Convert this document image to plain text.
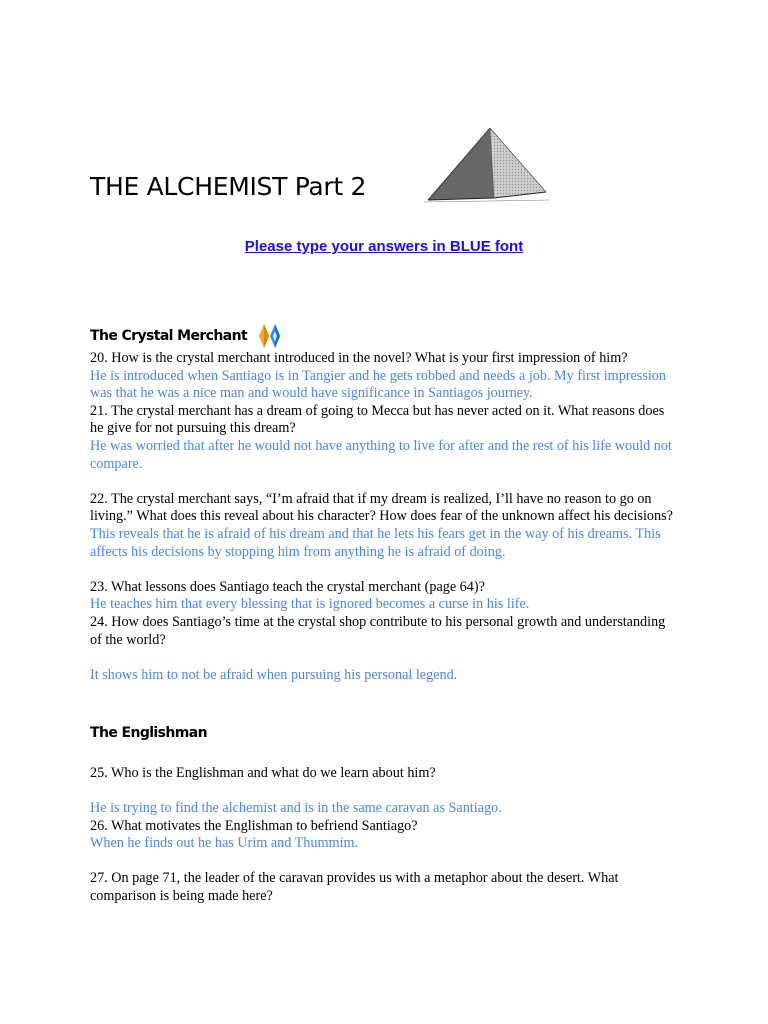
THE ALCHEMIST Part 2
Please type your answers in BLUE font
The Crystal Merchant

20. How is the crystal merchant introduced in the novel? What is your first impression of him?

He is introduced when Santiago is in Tangier and he gets robbed and needs a job. My first impression was that he was a nice man and would have significance in Santiagos journey.

21. The crystal merchant has a dream of going to Mecca but has never acted on it. What reasons does he give for not pursuing this dream?

He was worried that after he would not have anything to live for after and the rest of his life would not compare.

22. The crystal merchant says, “I’m afraid that if my dream is realized, I’ll have no reason to go on living.” What does this reveal about his character? How does fear of the unknown affect his decisions?

This reveals that he is afraid of his dream and that he lets his fears get in the way of his dreams. This affects his decisions by stopping him from anything he is afraid of doing.

23. What lessons does Santiago teach the crystal merchant (page 64)?

He teaches him that every blessing that is ignored becomes a curse in his life.

24. How does Santiago’s time at the crystal shop contribute to his personal growth and understanding of the world?

It shows him to not be afraid when pursuing his personal legend.

The Englishman

25. Who is the Englishman and what do we learn about him?

He is trying to find the alchemist and is in the same caravan as Santiago.

26. What motivates the Englishman to befriend Santiago?

When he finds out he has Urim and Thummim.

27. On page 71, the leader of the caravan provides us with a metaphor about the desert. What comparison is being made here?
